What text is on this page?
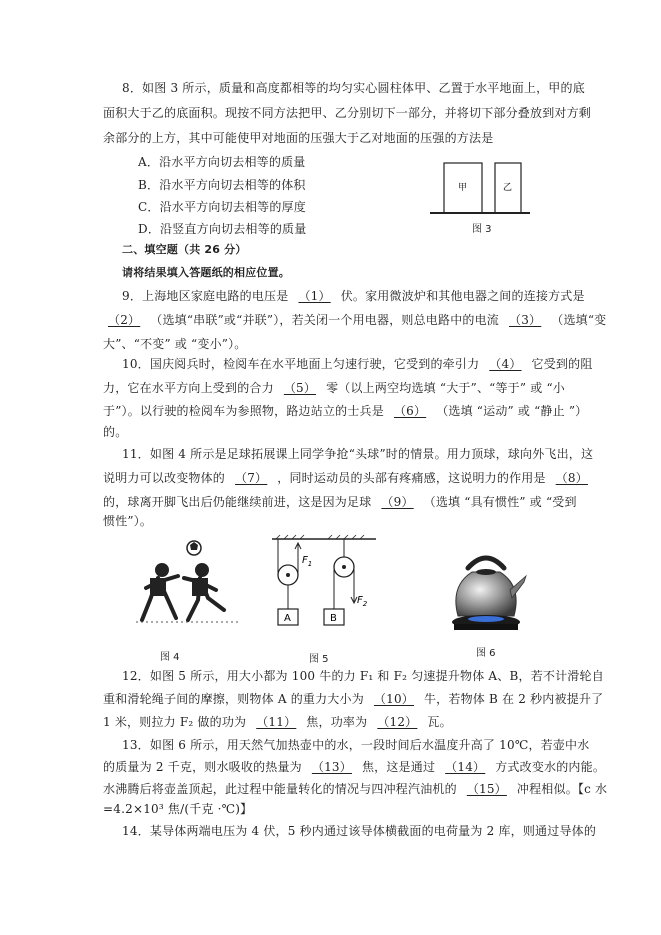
8．如图 3 所示，质量和高度都相等的均匀实心圆柱体甲、乙置于水平地面上，甲的底
面积大于乙的底面积。现按不同方法把甲、乙分别切下一部分，并将切下部分叠放到对方剩
余部分的上方，其中可能使甲对地面的压强大于乙对地面的压强的方法是
A．沿水平方向切去相等的质量
B．沿水平方向切去相等的体积
C．沿水平方向切去相等的厚度
D．沿竖直方向切去相等的质量
甲	乙
图 3
二、填空题（共 26 分）
请将结果填入答题纸的相应位置。
9．上海地区家庭电路的电压是 （1） 伏。家用微波炉和其他电器之间的连接方式是
（2） （选填“串联”或“并联”），若关闭一个用电器，则总电路中的电流 （3） （选填“变
大”、“不变” 或 “变小”）。
10．国庆阅兵时，检阅车在水平地面上匀速行驶，它受到的牵引力 （4） 它受到的阻
力，它在水平方向上受到的合力 （5） 零（以上两空均选填 “大于”、“等于” 或 “小
于”）。以行驶的检阅车为参照物，路边站立的士兵是 （6） （选填 “运动” 或 “静止 ”）
的。
11．如图 4 所示是足球拓展课上同学争抢“头球”时的情景。用力顶球，球向外飞出，这
说明力可以改变物体的 （7） ，同时运动员的头部有疼痛感，这说明力的作用是 （8）
的，球离开脚飞出后仍能继续前进，这是因为足球 （9） （选填 “具有惯性” 或 “受到
惯性”）。
图 4
A
$F_1$
B
$F_2$
图 5
图 6
12．如图 5 所示，用大小都为 100 牛的力 F₁ 和 F₂ 匀速提升物体 A、B，若不计滑轮自
重和滑轮绳子间的摩擦，则物体 A 的重力大小为 （10） 牛，若物体 B 在 2 秒内被提升了
1 米，则拉力 F₂ 做的功为 （11） 焦，功率为 （12） 瓦。
13．如图 6 所示，用天然气加热壶中的水，一段时间后水温度升高了 10℃，若壶中水
的质量为 2 千克，则水吸收的热量为 （13） 焦，这是通过 （14） 方式改变水的内能。
水沸腾后将壶盖顶起，此过程中能量转化的情况与四冲程汽油机的 （15） 冲程相似。【c 水
=4.2×10³ 焦/(千克 ·℃)】
14．某导体两端电压为 4 伏，5 秒内通过该导体横截面的电荷量为 2 库，则通过导体的
